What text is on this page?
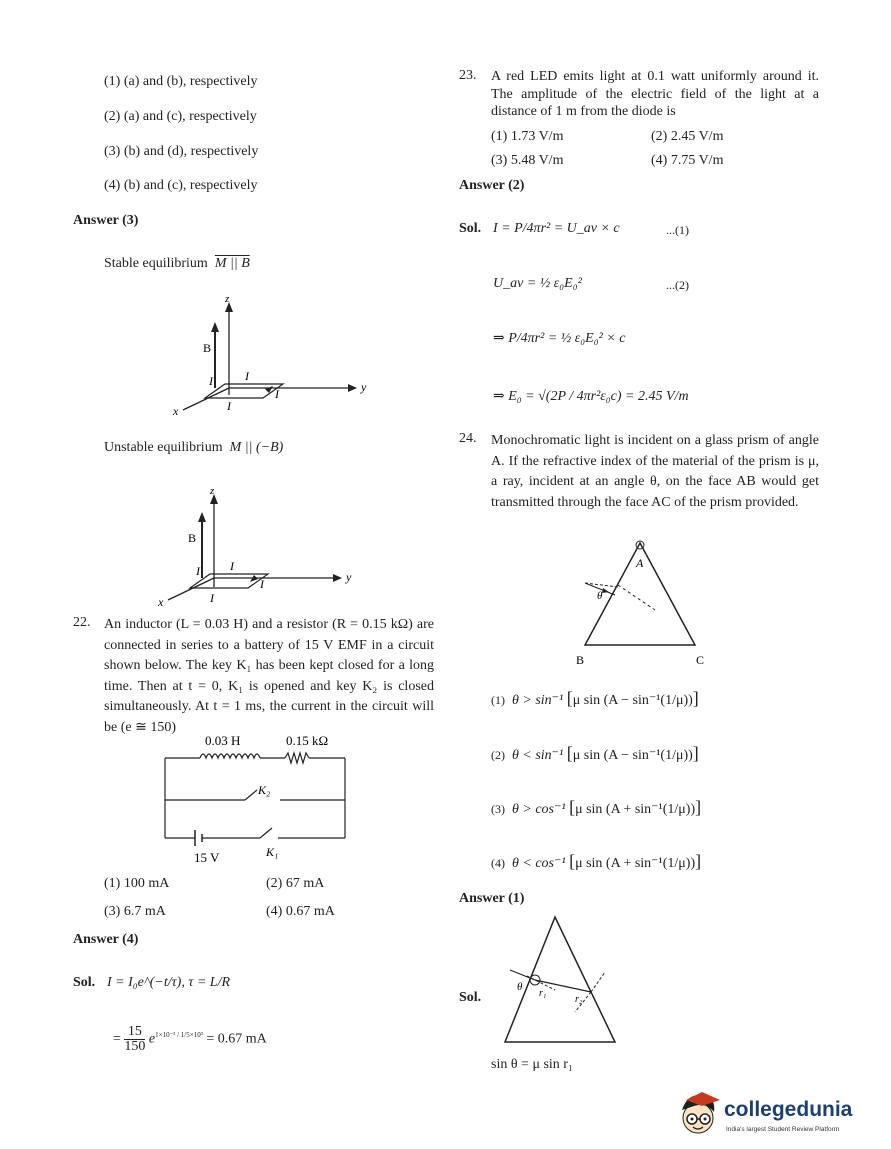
(1) (a) and (b), respectively
(2) (a) and (c), respectively
(3) (b) and (d), respectively
(4) (b) and (c), respectively
Answer (3)
Stable equilibrium M || B
z
y
x
B
I	I
I
I
Unstable equilibrium M || (−B)
z
y
x
B
I	I
I
I
22. An inductor (L = 0.03 H) and a resistor (R = 0.15 kΩ) are connected in series to a battery of 15 V EMF in a circuit shown below. The key K₁ has been kept closed for a long time. Then at t = 0, K₁ is opened and key K₂ is closed simultaneously. At t = 1 ms, the current in the circuit will be (e ≅ 150)
0.03 H	0.15 kΩ
K₂
15 V	K₁
(1) 100 mA	(2) 67 mA
(3) 6.7 mA	(4) 0.67 mA
Answer (4)
Sol. I = I₀e^(−t/τ), τ = L/R
= $\frac{15}{150} e^{1\times 10^{-3} / 1/5\times 10^3} = 0.67$ mA
23. A red LED emits light at 0.1 watt uniformly around it. The amplitude of the electric field of the light at a distance of 1 m from the diode is
(1) 1.73 V/m	(2) 2.45 V/m
(3) 5.48 V/m	(4) 7.75 V/m
Answer (2)
Sol. I = P/4πr² = U_av × c	...(1)
U_av = ½ ε₀E₀²	...(2)
⇒ P/4πr² = ½ ε₀E₀² × c
⇒ E₀ = √(2P / 4πr²ε₀c) = 2.45 V/m
24. Monochromatic light is incident on a glass prism of angle A. If the refractive index of the material of the prism is μ, a ray, incident at an angle θ, on the face AB would get transmitted through the face AC of the prism provided.
A
B	C
θ
(1) θ > sin⁻¹ [μ sin (A − sin⁻¹(1/μ))]
(2) θ < sin⁻¹ [μ sin (A − sin⁻¹(1/μ))]
(3) θ > cos⁻¹ [μ sin (A + sin⁻¹(1/μ))]
(4) θ < cos⁻¹ [μ sin (A + sin⁻¹(1/μ))]
Answer (1)
Sol.
θ
r₁
r₂
sin θ = μ sin r₁
collegedunia
India's largest Student Review Platform
